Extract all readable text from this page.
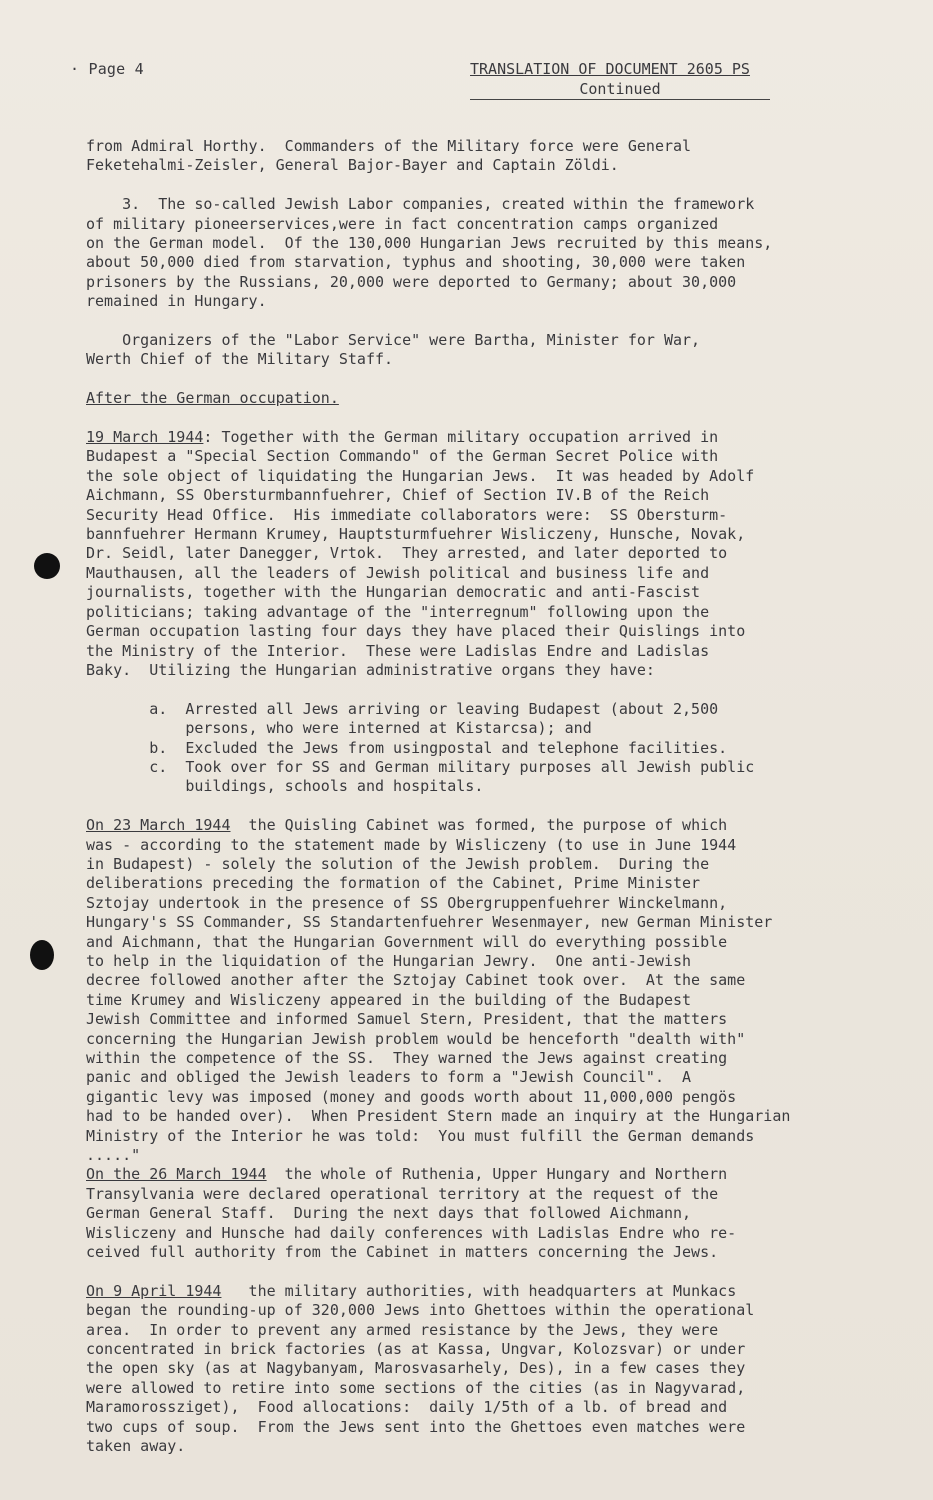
· Page 4	TRANSLATION OF DOCUMENT 2605 PS
Continued

from Admiral Horthy.  Commanders of the Military force were General
Feketehalmi-Zeisler, General Bajor-Bayer and Captain Zöldi.

3.  The so-called Jewish Labor companies, created within the framework
of military pioneerservices,were in fact concentration camps organized
on the German model.  Of the 130,000 Hungarian Jews recruited by this means,
about 50,000 died from starvation, typhus and shooting, 30,000 were taken
prisoners by the Russians, 20,000 were deported to Germany; about 30,000
remained in Hungary.

Organizers of the "Labor Service" were Bartha, Minister for War,
Werth Chief of the Military Staff.

After the German occupation.

19 March 1944: Together with the German military occupation arrived in
Budapest a "Special Section Commando" of the German Secret Police with
the sole object of liquidating the Hungarian Jews.  It was headed by Adolf
Aichmann, SS Obersturmbannfuehrer, Chief of Section IV.B of the Reich
Security Head Office.  His immediate collaborators were:  SS Obersturm-
bannfuehrer Hermann Krumey, Hauptsturmfuehrer Wisliczeny, Hunsche, Novak,
Dr. Seidl, later Danegger, Vrtok.  They arrested, and later deported to
Mauthausen, all the leaders of Jewish political and business life and
journalists, together with the Hungarian democratic and anti-Fascist
politicians; taking advantage of the "interregnum" following upon the
German occupation lasting four days they have placed their Quislings into
the Ministry of the Interior.  These were Ladislas Endre and Ladislas
Baky.  Utilizing the Hungarian administrative organs they have:

a.  Arrested all Jews arriving or leaving Budapest (about 2,500
persons, who were interned at Kistarcsa); and
b.  Excluded the Jews from usingpostal and telephone facilities.
c.  Took over for SS and German military purposes all Jewish public
buildings, schools and hospitals.

On 23 March 1944  the Quisling Cabinet was formed, the purpose of which
was - according to the statement made by Wisliczeny (to use in June 1944
in Budapest) - solely the solution of the Jewish problem.  During the
deliberations preceding the formation of the Cabinet, Prime Minister
Sztojay undertook in the presence of SS Obergruppenfuehrer Winckelmann,
Hungary's SS Commander, SS Standartenfuehrer Wesenmayer, new German Minister
and Aichmann, that the Hungarian Government will do everything possible
to help in the liquidation of the Hungarian Jewry.  One anti-Jewish
decree followed another after the Sztojay Cabinet took over.  At the same
time Krumey and Wisliczeny appeared in the building of the Budapest
Jewish Committee and informed Samuel Stern, President, that the matters
concerning the Hungarian Jewish problem would be henceforth "dealth with"
within the competence of the SS.  They warned the Jews against creating
panic and obliged the Jewish leaders to form a "Jewish Council".  A
gigantic levy was imposed (money and goods worth about 11,000,000 pengös
had to be handed over).  When President Stern made an inquiry at the Hungarian
Ministry of the Interior he was told:  You must fulfill the German demands
....."

On the 26 March 1944  the whole of Ruthenia, Upper Hungary and Northern
Transylvania were declared operational territory at the request of the
German General Staff.  During the next days that followed Aichmann,
Wisliczeny and Hunsche had daily conferences with Ladislas Endre who re-
ceived full authority from the Cabinet in matters concerning the Jews.

On 9 April 1944   the military authorities, with headquarters at Munkacs
began the rounding-up of 320,000 Jews into Ghettoes within the operational
area.  In order to prevent any armed resistance by the Jews, they were
concentrated in brick factories (as at Kassa, Ungvar, Kolozsvar) or under
the open sky (as at Nagybanyam, Marosvasarhely, Des), in a few cases they
were allowed to retire into some sections of the cities (as in Nagyvarad,
Maramorossziget),  Food allocations:  daily 1/5th of a lb. of bread and
two cups of soup.  From the Jews sent into the Ghettoes even matches were
taken away.
